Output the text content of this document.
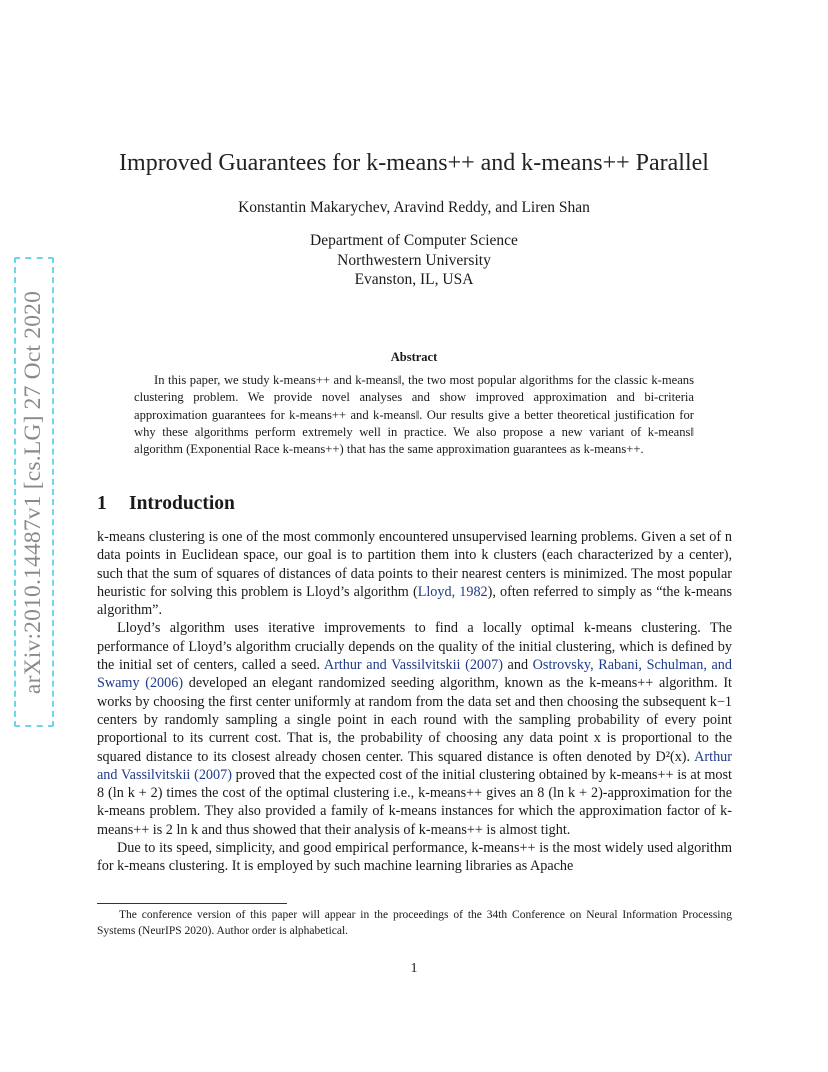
arXiv:2010.14487v1 [cs.LG] 27 Oct 2020
Improved Guarantees for k-means++ and k-means++ Parallel
Konstantin Makarychev, Aravind Reddy, and Liren Shan
Department of Computer Science
Northwestern University
Evanston, IL, USA
Abstract
In this paper, we study k-means++ and k-means‖, the two most popular algorithms for the classic k-means clustering problem. We provide novel analyses and show improved approximation and bi-criteria approximation guarantees for k-means++ and k-means‖. Our results give a better theoretical justification for why these algorithms perform extremely well in practice. We also propose a new variant of k-means‖ algorithm (Exponential Race k-means++) that has the same approximation guarantees as k-means++.
1 Introduction

k-means clustering is one of the most commonly encountered unsupervised learning problems. Given a set of n data points in Euclidean space, our goal is to partition them into k clusters (each characterized by a center), such that the sum of squares of distances of data points to their nearest centers is minimized. The most popular heuristic for solving this problem is Lloyd’s algorithm (Lloyd, 1982), often referred to simply as “the k-means algorithm”.

Lloyd’s algorithm uses iterative improvements to find a locally optimal k-means clustering. The performance of Lloyd’s algorithm crucially depends on the quality of the initial clustering, which is defined by the initial set of centers, called a seed. Arthur and Vassilvitskii (2007) and Ostrovsky, Rabani, Schulman, and Swamy (2006) developed an elegant randomized seeding algorithm, known as the k-means++ algorithm. It works by choosing the first center uniformly at random from the data set and then choosing the subsequent k−1 centers by randomly sampling a single point in each round with the sampling probability of every point proportional to its current cost. That is, the probability of choosing any data point x is proportional to the squared distance to its closest already chosen center. This squared distance is often denoted by D²(x). Arthur and Vassilvitskii (2007) proved that the expected cost of the initial clustering obtained by k-means++ is at most 8 (ln k + 2) times the cost of the optimal clustering i.e., k-means++ gives an 8 (ln k + 2)-approximation for the k-means problem. They also provided a family of k-means instances for which the approximation factor of k-means++ is 2 ln k and thus showed that their analysis of k-means++ is almost tight.

Due to its speed, simplicity, and good empirical performance, k-means++ is the most widely used algorithm for k-means clustering. It is employed by such machine learning libraries as Apache

The conference version of this paper will appear in the proceedings of the 34th Conference on Neural Information Processing Systems (NeurIPS 2020). Author order is alphabetical.
1
